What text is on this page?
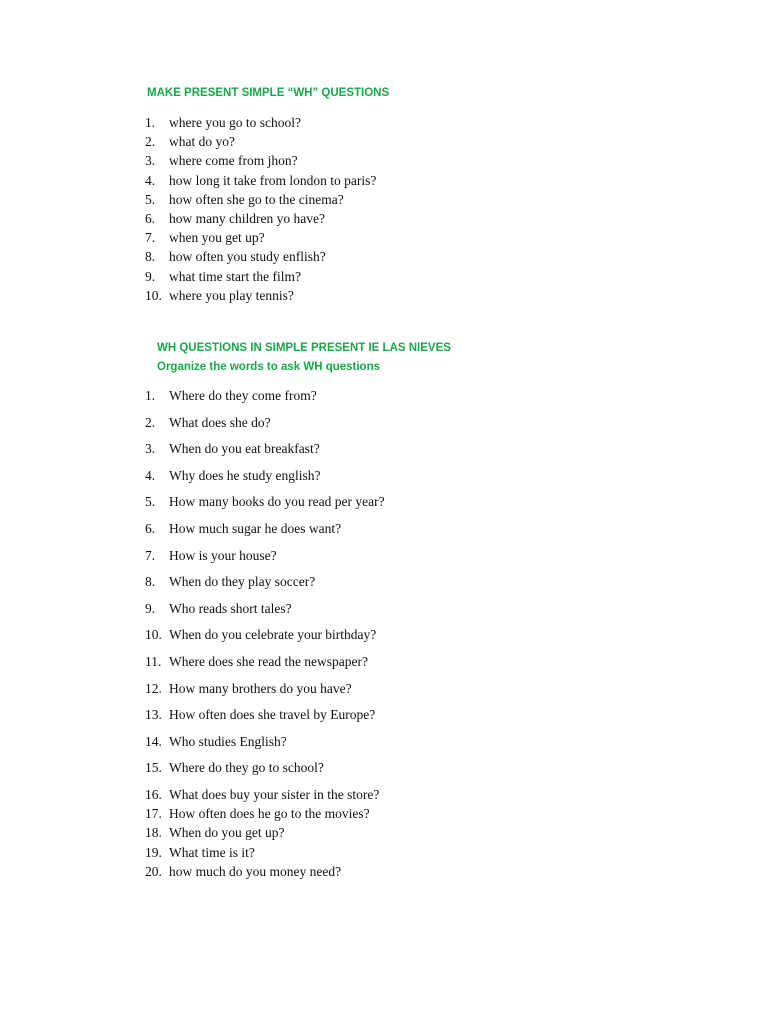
MAKE PRESENT SIMPLE “WH” QUESTIONS
1. where you go to school?
2. what do yo?
3. where come from jhon?
4. how long it take from london to paris?
5. how often she go to the cinema?
6. how many children yo have?
7. when you get up?
8. how often you study enflish?
9. what time start the film?
10. where you play tennis?
WH QUESTIONS IN SIMPLE PRESENT IE LAS NIEVES
Organize the words to ask WH questions
1. Where do they come from?
2. What does she do?
3. When do you eat breakfast?
4. Why does he study english?
5. How many books do you read per year?
6. How much sugar he does want?
7. How is your house?
8. When do they play soccer?
9. Who reads short tales?
10. When do you celebrate your birthday?
11. Where does she read the newspaper?
12. How many brothers do you have?
13. How often does she travel by Europe?
14. Who studies English?
15. Where do they go to school?
16. What does buy your sister in the store?
17. How often does he go to the movies?
18. When do you get up?
19. What time is it?
20. how much do you money need?
